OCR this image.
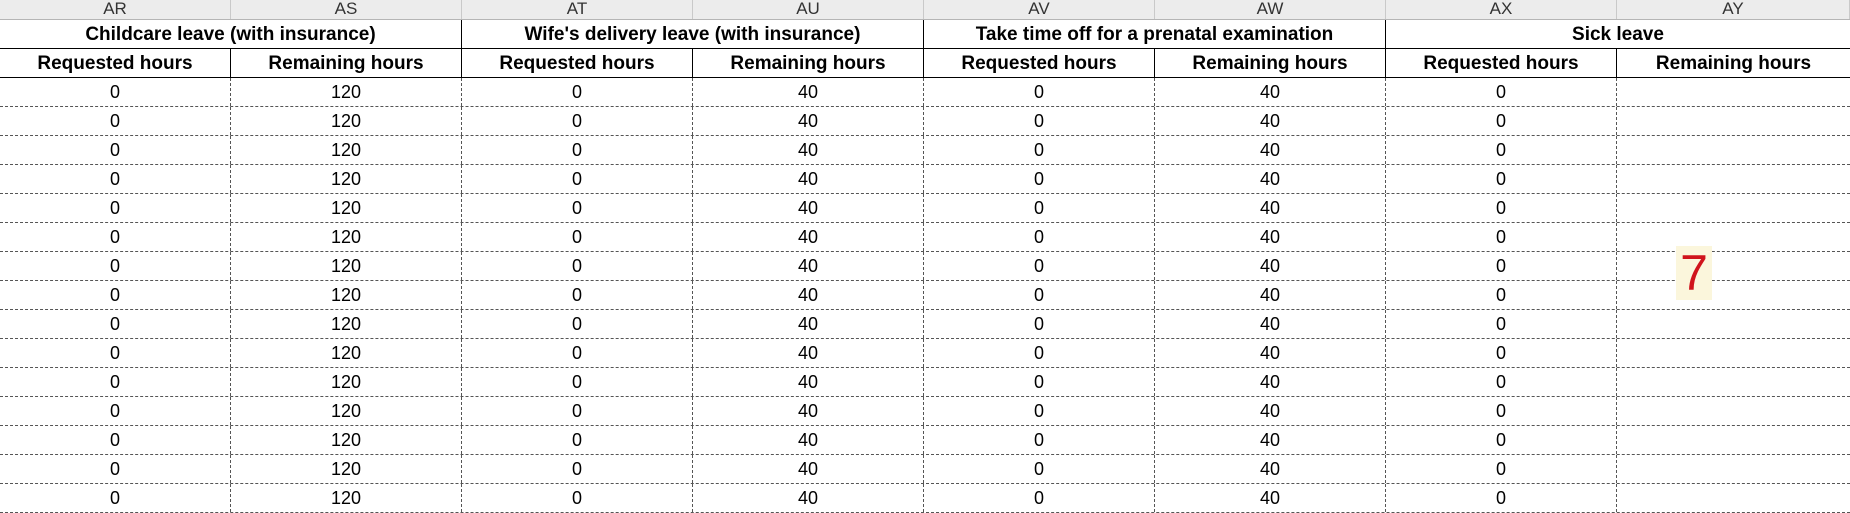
AR	AS	AT	AU	AV	AW	AX	AY
Childcare leave (with insurance)	Wife's delivery leave (with insurance)	Take time off for a prenatal examination	Sick leave
Requested hours	Remaining hours	Requested hours	Remaining hours	Requested hours	Remaining hours	Requested hours	Remaining hours
0	120	0	40	0	40	0
0	120	0	40	0	40	0
0	120	0	40	0	40	0
0	120	0	40	0	40	0
0	120	0	40	0	40	0
0	120	0	40	0	40	0
0	120	0	40	0	40	0
0	120	0	40	0	40	0
0	120	0	40	0	40	0
0	120	0	40	0	40	0
0	120	0	40	0	40	0
0	120	0	40	0	40	0
0	120	0	40	0	40	0
0	120	0	40	0	40	0
0	120	0	40	0	40	0
7
